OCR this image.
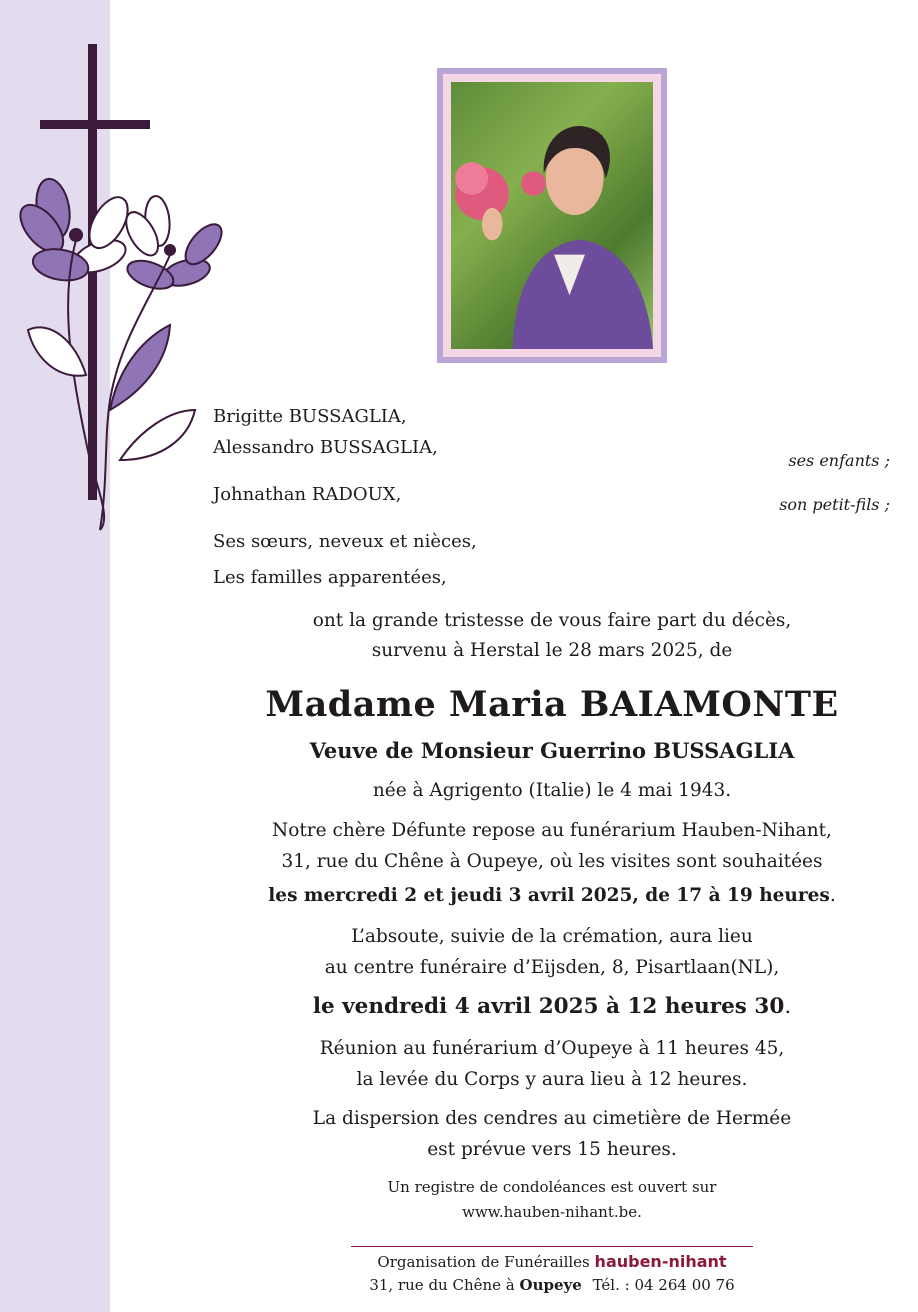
Brigitte BUSSAGLIA,
Alessandro BUSSAGLIA,
ses enfants ;
Johnathan RADOUX,	son petit-fils ;
Ses sœurs, neveux et nièces,
Les familles apparentées,
ont la grande tristesse de vous faire part du décès,
survenu à Herstal le 28 mars 2025, de
Madame Maria BAIAMONTE
Veuve de Monsieur Guerrino BUSSAGLIA
née à Agrigento (Italie) le 4 mai 1943.
Notre chère Défunte repose au funérarium Hauben-Nihant,
31, rue du Chêne à Oupeye, où les visites sont souhaitées
les mercredi 2 et jeudi 3 avril 2025, de 17 à 19 heures.
L’absoute, suivie de la crémation, aura lieu
au centre funéraire d’Eijsden, 8, Pisartlaan(NL),
le vendredi 4 avril 2025 à 12 heures 30.
Réunion au funérarium d’Oupeye à 11 heures 45,
la levée du Corps y aura lieu à 12 heures.
La dispersion des cendres au cimetière de Hermée
est prévue vers 15 heures.
Un registre de condoléances est ouvert sur
www.hauben-nihant.be.
Organisation de Funérailles hauben-nihant
31, rue du Chêne à Oupeye Tél. : 04 264 00 76
